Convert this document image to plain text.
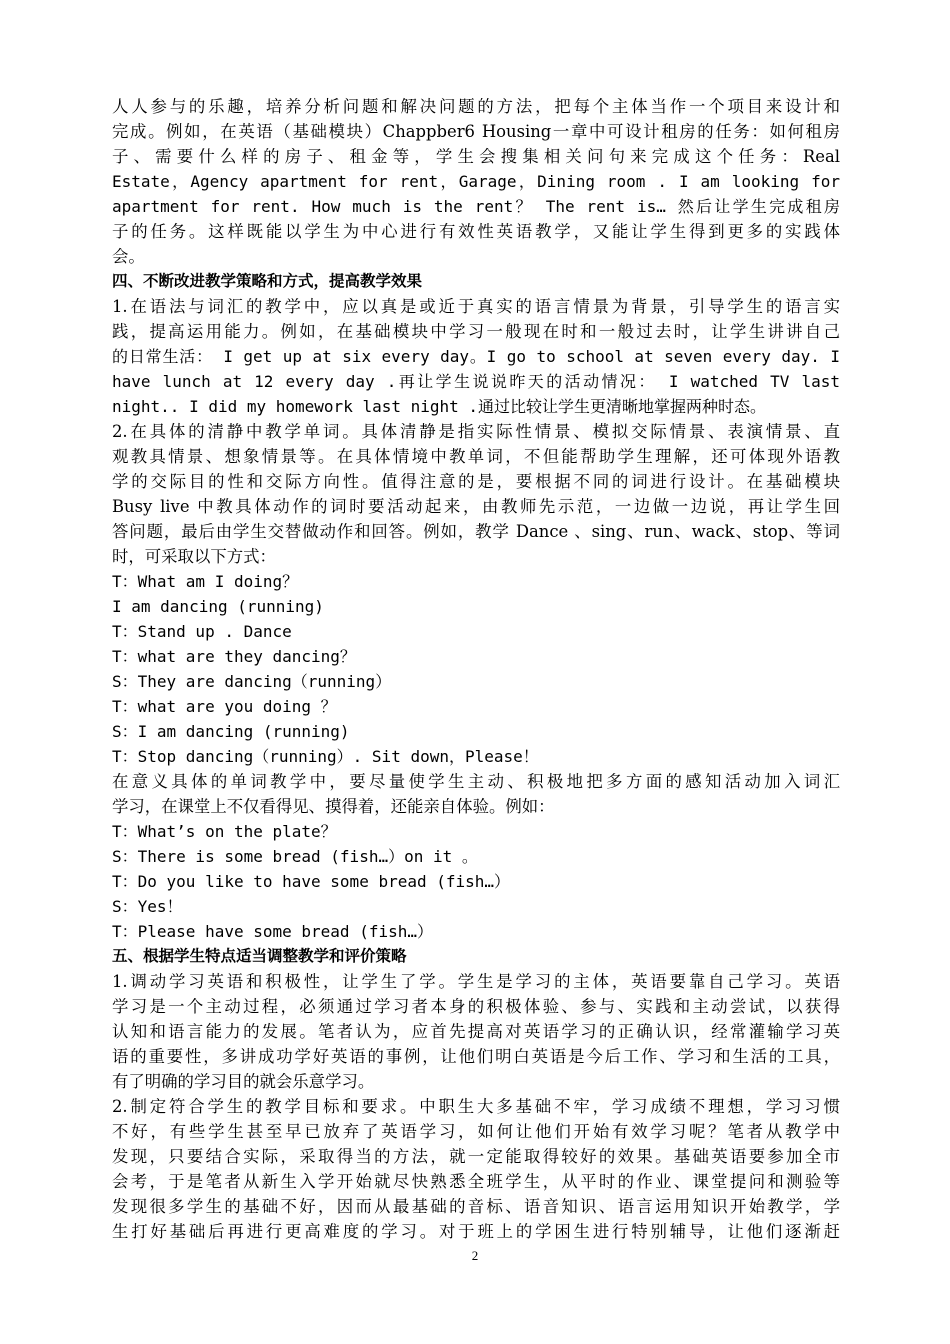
人人参与的乐趣，培养分析问题和解决问题的方法，把每个主体当作一个项目来设计和
完成。例如，在英语（基础模块）Chappber6 Housing一章中可设计租房的任务：如何租房
子、需要什么样的房子、租金等，学生会搜集相关问句来完成这个任务：Real
Estate，Agency apartment for rent，Garage，Dining room . I am looking for
apartment for rent. How much is the rent？ The rent is… 然后让学生完成租房
子的任务。这样既能以学生为中心进行有效性英语教学，又能让学生得到更多的实践体
会。
四、不断改进教学策略和方式，提高教学效果
1.在语法与词汇的教学中，应以真是或近于真实的语言情景为背景，引导学生的语言实
践，提高运用能力。例如，在基础模块中学习一般现在时和一般过去时，让学生讲讲自己
的日常生活： I get up at six every day。I go to school at seven every day. I
have lunch at 12 every day .再让学生说说昨天的活动情况： I watched TV last
night.. I did my homework last night .通过比较让学生更清晰地掌握两种时态。
2.在具体的清静中教学单词。具体清静是指实际性情景、模拟交际情景、表演情景、直
观教具情景、想象情景等。在具体情境中教单词，不但能帮助学生理解，还可体现外语教
学的交际目的性和交际方向性。值得注意的是，要根据不同的词进行设计。在基础模块
Busy live 中教具体动作的词时要活动起来，由教师先示范，一边做一边说，再让学生回
答问题，最后由学生交替做动作和回答。例如，教学 Dance 、sing、run、wack、stop、等词
时，可采取以下方式：
T：What am I doing？
I am dancing (running)
T：Stand up . Dance
T：what are they dancing？
S：They are dancing（running）
T：what are you doing ？
S：I am dancing (running)
T：Stop dancing（running）. Sit down，Please！
在意义具体的单词教学中，要尽量使学生主动、积极地把多方面的感知活动加入词汇
学习，在课堂上不仅看得见、摸得着，还能亲自体验。例如：
T：What’s on the plate？
S：There is some bread (fish…）on it 。
T：Do you like to have some bread (fish…）
S：Yes！
T：Please have some bread (fish…）
五、根据学生特点适当调整教学和评价策略
1.调动学习英语和积极性，让学生了学。学生是学习的主体，英语要靠自己学习。英语
学习是一个主动过程，必须通过学习者本身的积极体验、参与、实践和主动尝试，以获得
认知和语言能力的发展。笔者认为，应首先提高对英语学习的正确认识，经常灌输学习英
语的重要性，多讲成功学好英语的事例，让他们明白英语是今后工作、学习和生活的工具，
有了明确的学习目的就会乐意学习。
2.制定符合学生的教学目标和要求。中职生大多基础不牢，学习成绩不理想，学习习惯
不好，有些学生甚至早已放弃了英语学习，如何让他们开始有效学习呢？笔者从教学中
发现，只要结合实际，采取得当的方法，就一定能取得较好的效果。基础英语要参加全市
会考，于是笔者从新生入学开始就尽快熟悉全班学生，从平时的作业、课堂提问和测验等
发现很多学生的基础不好，因而从最基础的音标、语音知识、语言运用知识开始教学，学
生打好基础后再进行更高难度的学习。对于班上的学困生进行特别辅导，让他们逐渐赶
2
